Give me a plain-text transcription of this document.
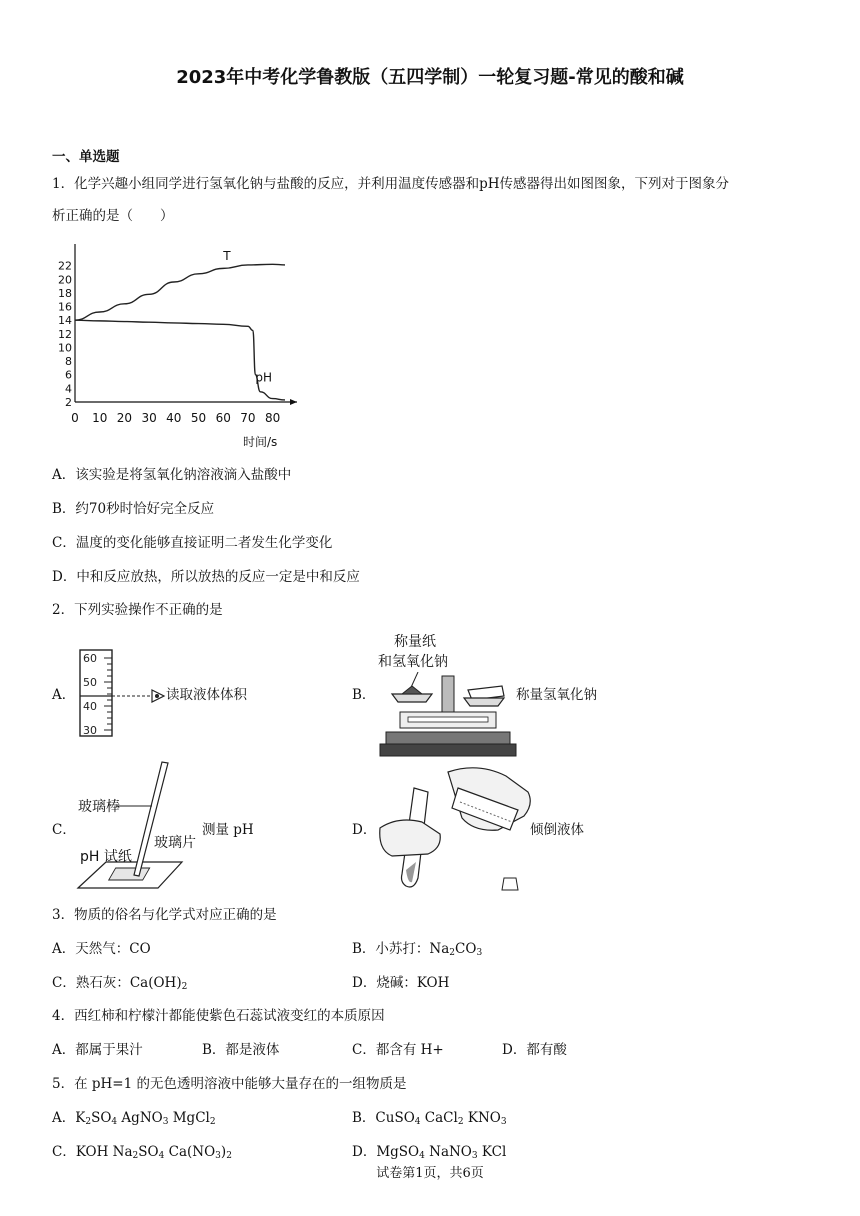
2023年中考化学鲁教版（五四学制）一轮复习题-常见的酸和碱
一、单选题
1．化学兴趣小组同学进行氢氧化钠与盐酸的反应，并利用温度传感器和pH传感器得出如图图象，下列对于图象分
析正确的是（　　）
2
4
6
8
10
12
14
16
18
20
22
0 10 20 30 40 50 60 70 80
T
pH
时间/s
A．该实验是将氢氧化钠溶液滴入盐酸中
B．约70秒时恰好完全反应
C．温度的变化能够直接证明二者发生化学变化
D．中和反应放热，所以放热的反应一定是中和反应
2．下列实验操作不正确的是
A．
60
50
40
30
读取液体体积	B．
称量纸
和氢氧化钠
称量氢氧化钠
C．
玻璃棒
玻璃片
pH 试纸
测量 pH	D．	倾倒液体
3．物质的俗名与化学式对应正确的是
A．天然气：CO	B．小苏打：$Na_2CO_3$
C．熟石灰：$Ca(OH)_2$	D．烧碱：KOH
4．西红柿和柠檬汁都能使紫色石蕊试液变红的本质原因
A．都属于果汁	B．都是液体	C．都含有 H+	D．都有酸
5．在 pH=1 的无色透明溶液中能够大量存在的一组物质是
A．$K_2SO_4$ AgNO$_3$ MgCl$_2$	B．CuSO$_4$ CaCl$_2$ $KNO_3$
C．KOH $Na_2SO_4$ $Ca(NO_3)_2$	D．MgSO$_4$ NaNO$_3$ KCl
试卷第1页，共6页
